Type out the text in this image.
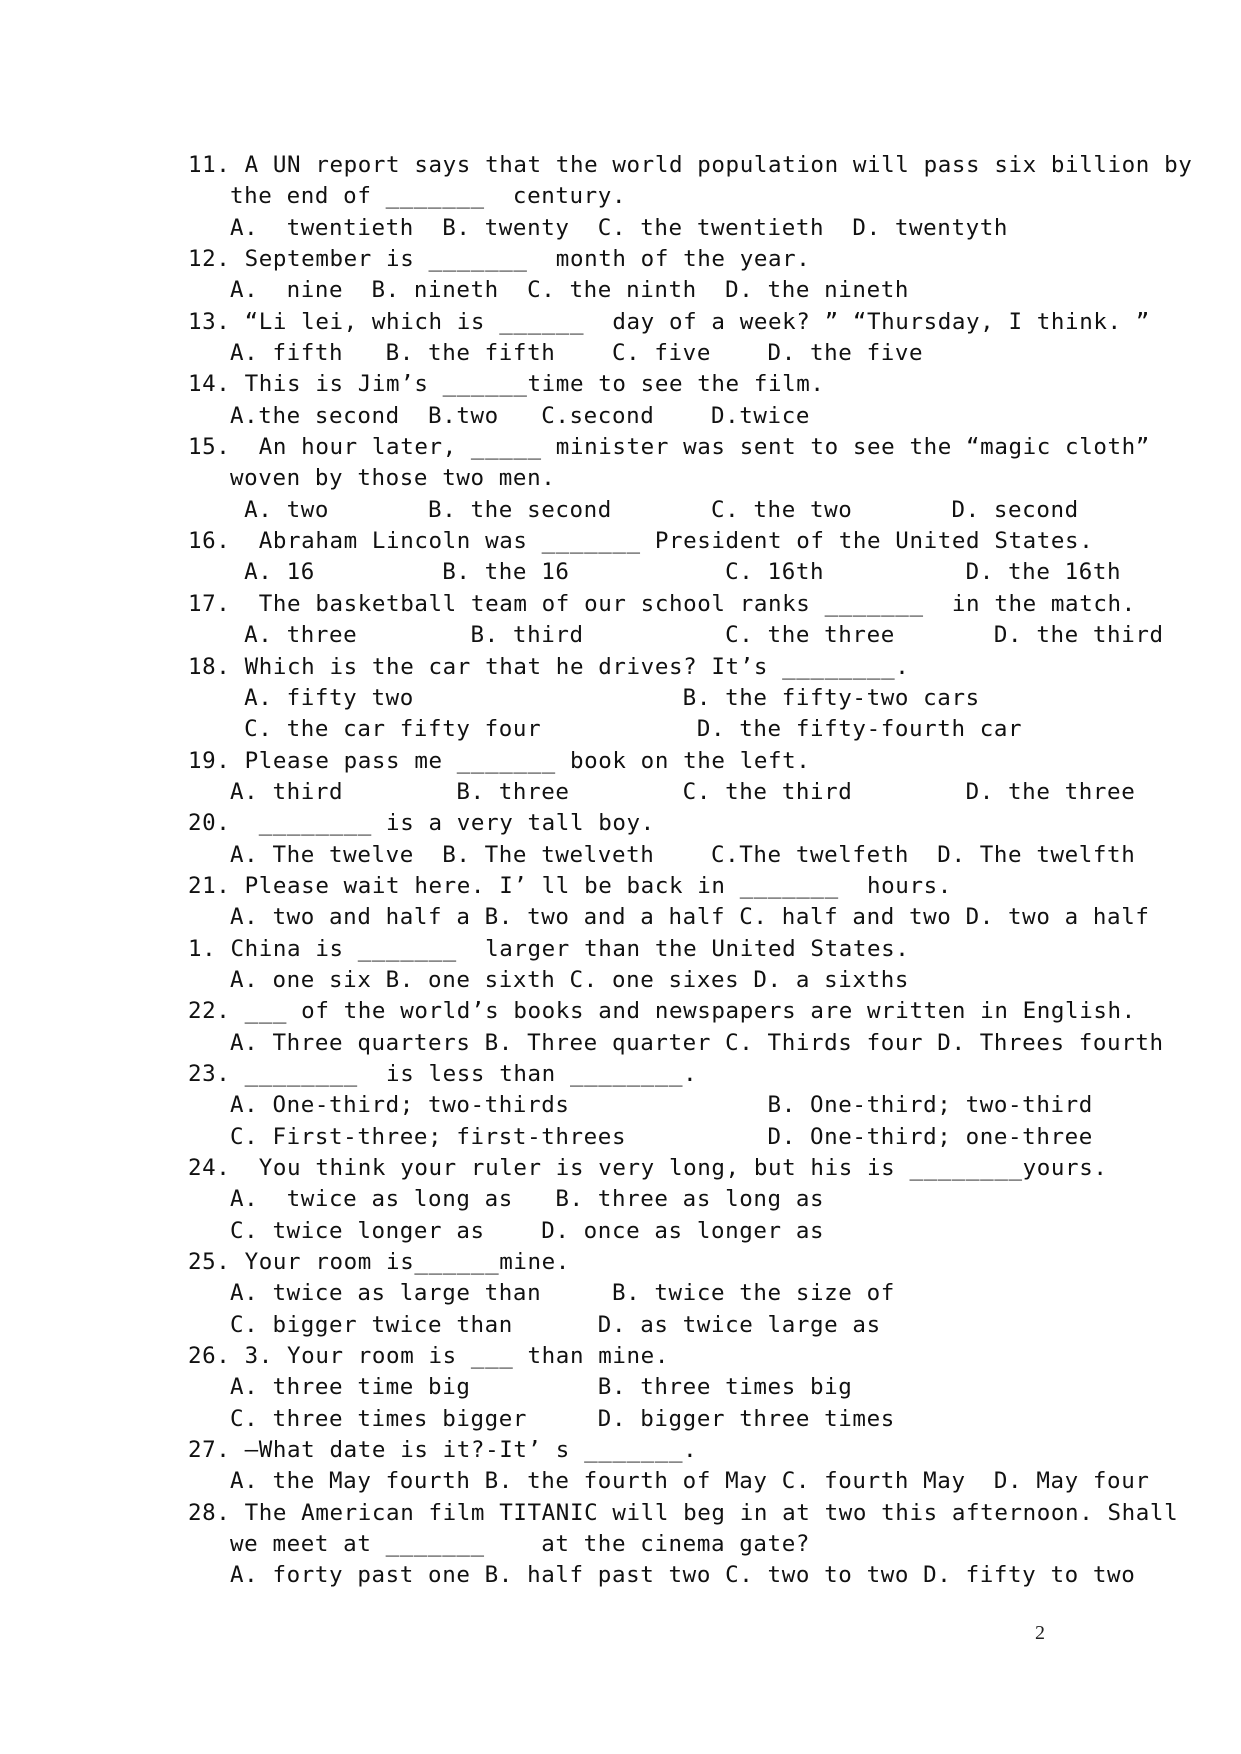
11. A UN report says that the world population will pass six billion by
the end of _______  century.
A.  twentieth  B. twenty  C. the twentieth  D. twentyth
12. September is _______  month of the year.
A.  nine  B. nineth  C. the ninth  D. the nineth
13. “Li lei, which is ______  day of a week? ” “Thursday, I think. ”
A. fifth   B. the fifth    C. five    D. the five
14. This is Jim’s ______time to see the film.
A.the second  B.two   C.second    D.twice
15.  An hour later, _____ minister was sent to see the “magic cloth”
woven by those two men.
A. two       B. the second       C. the two       D. second
16.  Abraham Lincoln was _______ President of the United States.
A. 16         B. the 16           C. 16th          D. the 16th
17.  The basketball team of our school ranks _______  in the match.
A. three        B. third          C. the three       D. the third
18. Which is the car that he drives? It’s ________.
A. fifty two                   B. the fifty-two cars
C. the car fifty four           D. the fifty-fourth car
19. Please pass me _______ book on the left.
A. third        B. three        C. the third        D. the three
20.  ________ is a very tall boy.
A. The twelve  B. The twelveth    C.The twelfeth  D. The twelfth
21. Please wait here. I’ ll be back in _______  hours.
A. two and half a B. two and a half C. half and two D. two a half
1. China is _______  larger than the United States.
A. one six B. one sixth C. one sixes D. a sixths
22. ___ of the world’s books and newspapers are written in English.
A. Three quarters B. Three quarter C. Thirds four D. Threes fourth
23. ________  is less than ________.
A. One-third; two-thirds              B. One-third; two-third
C. First-three; first-threes          D. One-third; one-three
24.  You think your ruler is very long, but his is ________yours.
A.  twice as long as   B. three as long as
C. twice longer as    D. once as longer as
25. Your room is______mine.
A. twice as large than     B. twice the size of
C. bigger twice than      D. as twice large as
26. 3. Your room is ___ than mine.
A. three time big         B. three times big
C. three times bigger     D. bigger three times
27. –What date is it?-It’ s _______.
A. the May fourth B. the fourth of May C. fourth May  D. May four
28. The American film TITANIC will beg in at two this afternoon. Shall
we meet at _______    at the cinema gate?
A. forty past one B. half past two C. two to two D. fifty to two
2
